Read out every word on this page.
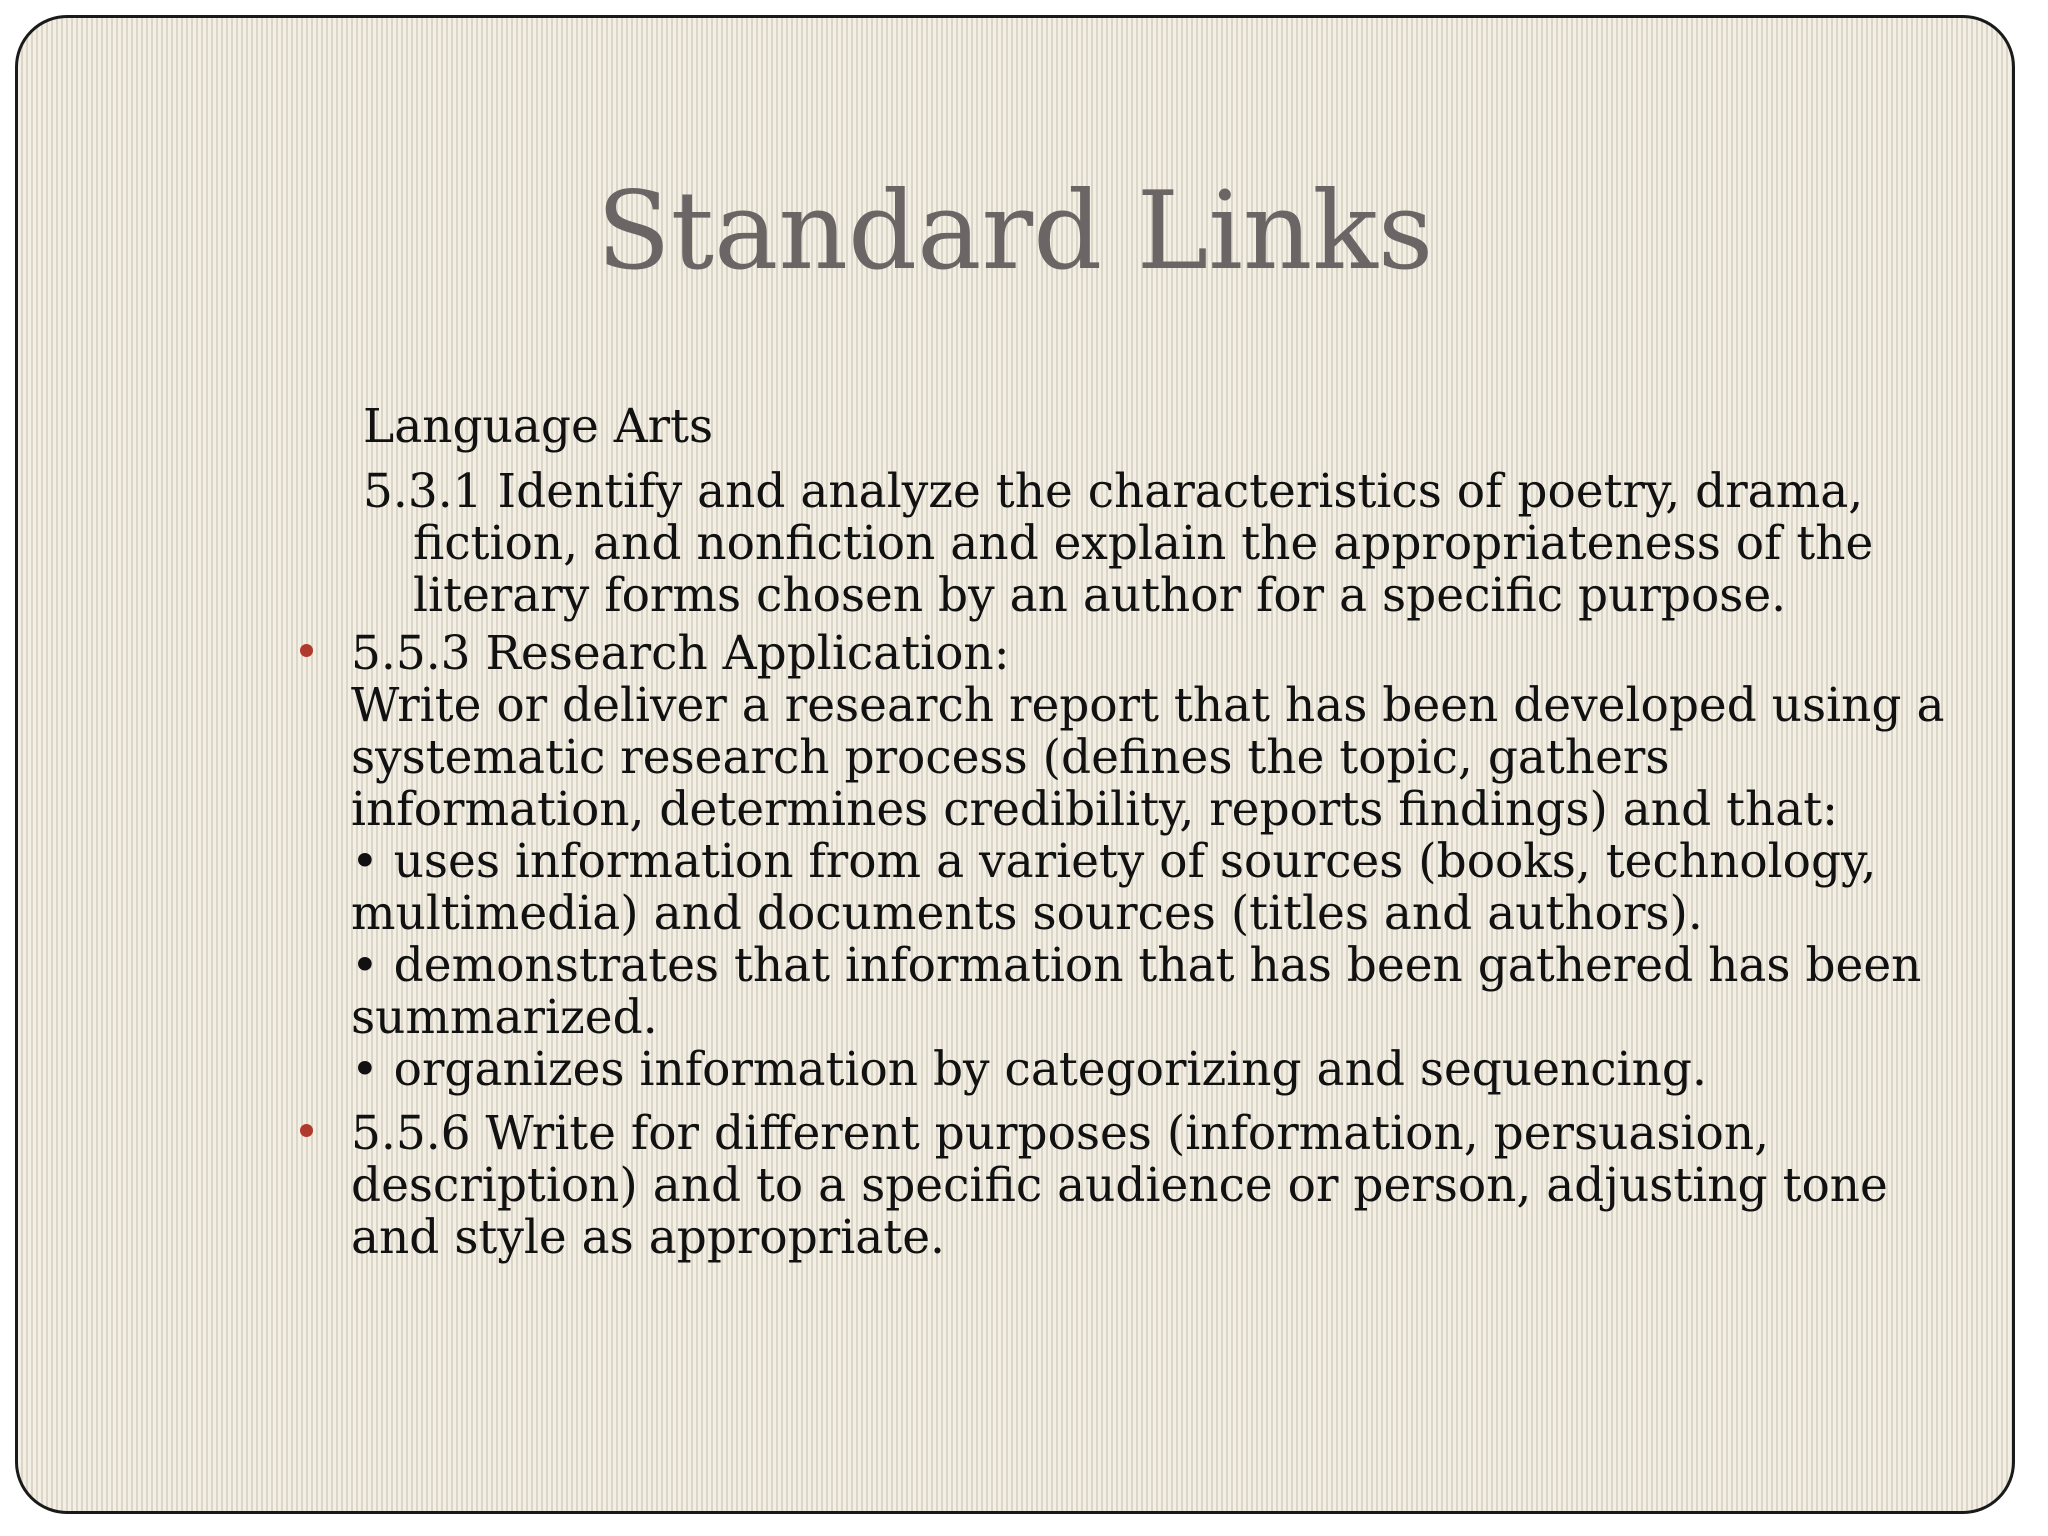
Standard Links
Language Arts
5.3.1 Identify and analyze the characteristics of poetry, drama,
fiction, and nonfiction and explain the appropriateness of the
literary forms chosen by an author for a specific purpose.
5.5.3 Research Application:
Write or deliver a research report that has been developed using a
systematic research process (defines the topic, gathers
information, determines credibility, reports findings) and that:
• uses information from a variety of sources (books, technology,
multimedia) and documents sources (titles and authors).
• demonstrates that information that has been gathered has been
summarized.
• organizes information by categorizing and sequencing.
5.5.6 Write for different purposes (information, persuasion,
description) and to a specific audience or person, adjusting tone
and style as appropriate.
